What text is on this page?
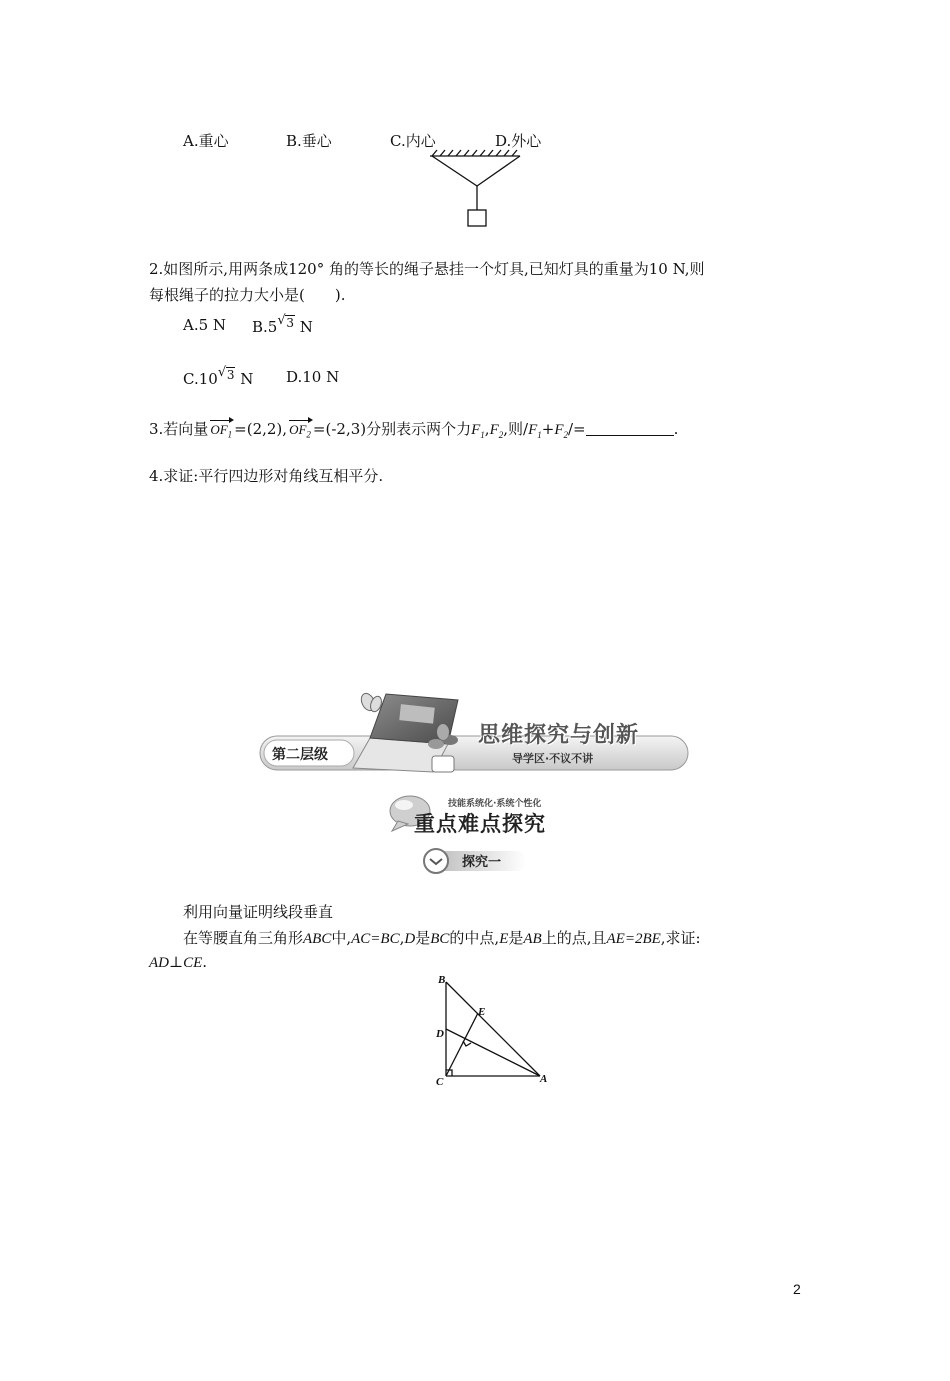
A.重心	B.垂心	C.内心	D.外心
2.如图所示,用两条成120° 角的等长的绳子悬挂一个灯具,已知灯具的重量为10 N,则
每根绳子的拉力大小是(　　).
A.5 N B.5 √ 3 N
C.10 √ 3 N D.10 N
3.若向量 $OF_1 =(2,2)$, $OF_2 =(-2,3)$分别表示两个力$F_1,F_2$,则$/F_1+F_2/=$	.
4.求证:平行四边形对角线互相平分.
第二层级
思维探究与创新
导学区·不议不讲
技能系统化·系统个性化
重点难点探究
探究一
利用向量证明线段垂直
在等腰直角三角形ABC中,AC=BC,D是BC的中点,E是AB上的点,且AE=2BE,求证:
AD⊥CE.
B
E
D
C	A
2
